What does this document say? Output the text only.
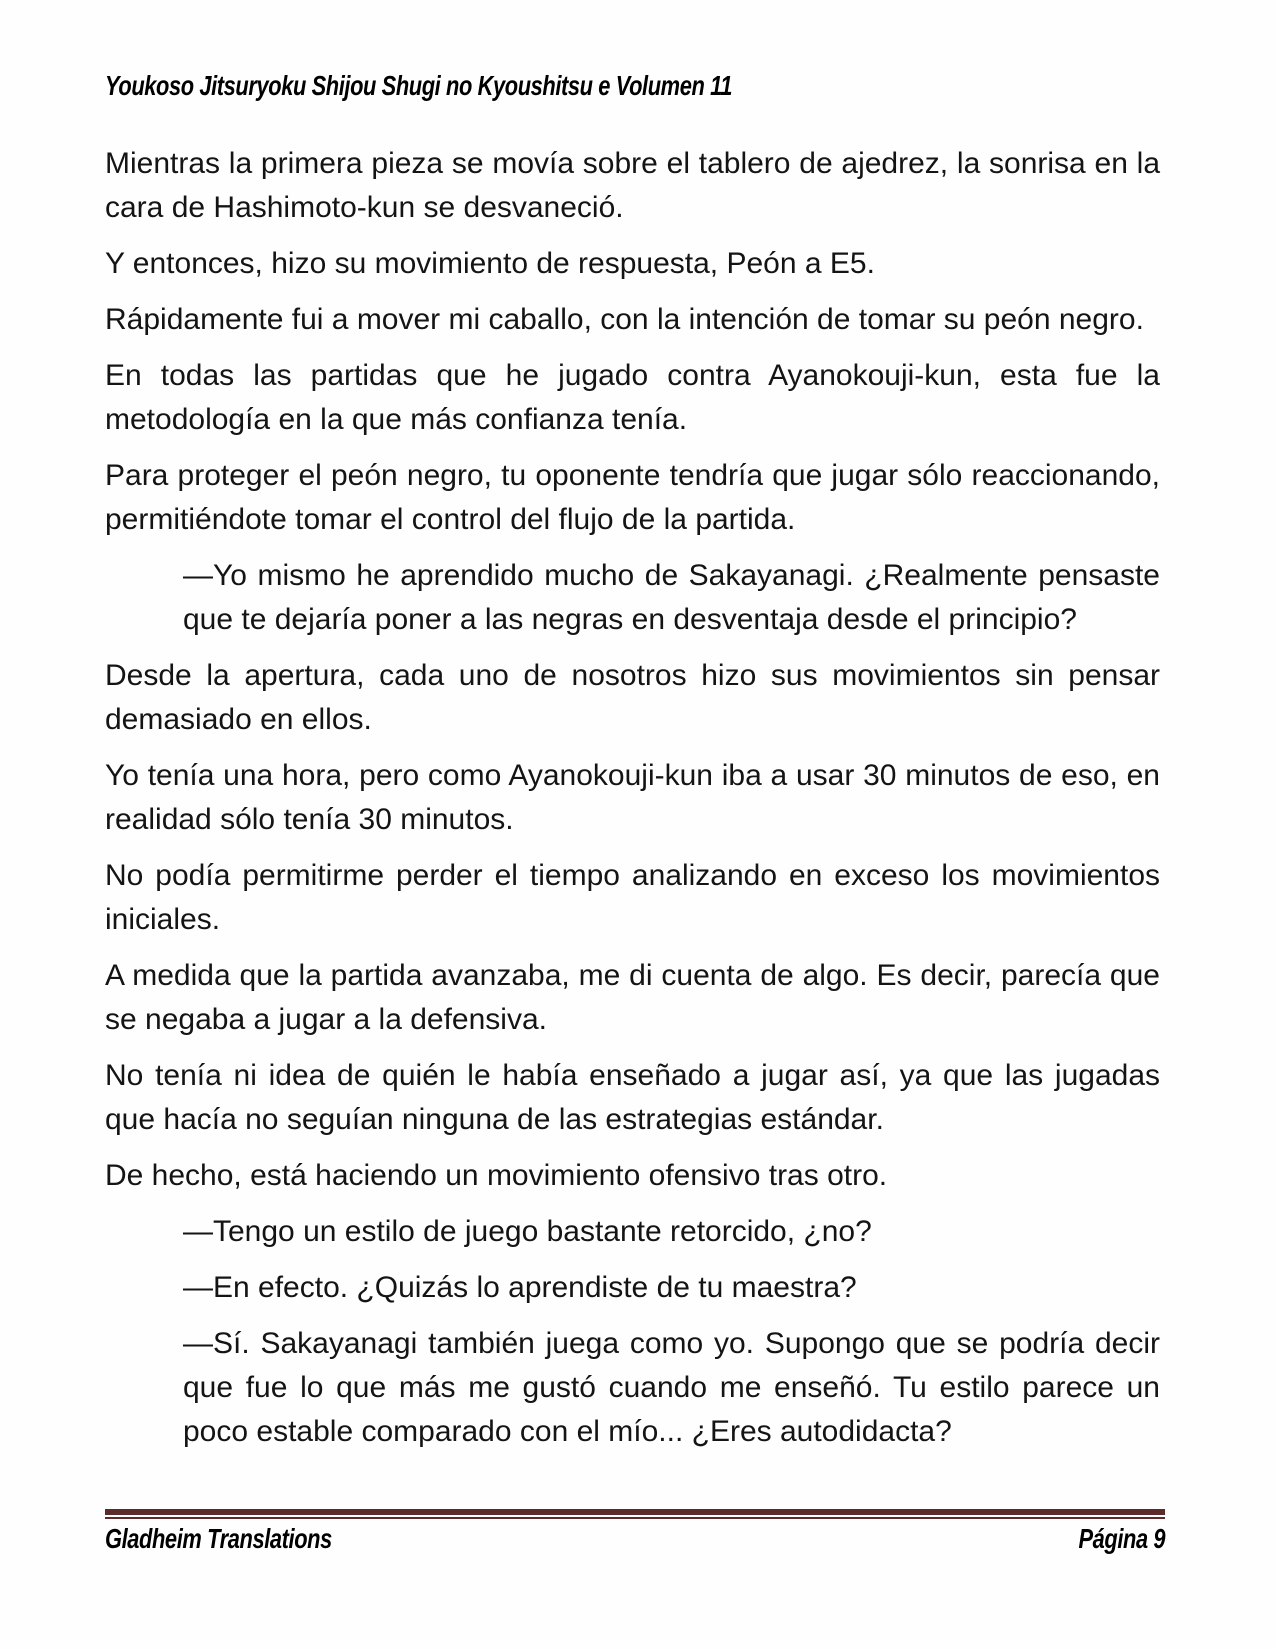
Youkoso Jitsuryoku Shijou Shugi no Kyoushitsu e Volumen 11

Mientras la primera pieza se movía sobre el tablero de ajedrez, la sonrisa en la cara de Hashimoto-kun se desvaneció.

Y entonces, hizo su movimiento de respuesta, Peón a E5.

Rápidamente fui a mover mi caballo, con la intención de tomar su peón negro.

En todas las partidas que he jugado contra Ayanokouji-kun, esta fue la metodología en la que más confianza tenía.

Para proteger el peón negro, tu oponente tendría que jugar sólo reaccionando, permitiéndote tomar el control del flujo de la partida.

—Yo mismo he aprendido mucho de Sakayanagi. ¿Realmente pensaste que te dejaría poner a las negras en desventaja desde el principio?

Desde la apertura, cada uno de nosotros hizo sus movimientos sin pensar demasiado en ellos.

Yo tenía una hora, pero como Ayanokouji-kun iba a usar 30 minutos de eso, en realidad sólo tenía 30 minutos.

No podía permitirme perder el tiempo analizando en exceso los movimientos iniciales.

A medida que la partida avanzaba, me di cuenta de algo. Es decir, parecía que se negaba a jugar a la defensiva.

No tenía ni idea de quién le había enseñado a jugar así, ya que las jugadas que hacía no seguían ninguna de las estrategias estándar.

De hecho, está haciendo un movimiento ofensivo tras otro.

—Tengo un estilo de juego bastante retorcido, ¿no?

—En efecto. ¿Quizás lo aprendiste de tu maestra?

—Sí. Sakayanagi también juega como yo. Supongo que se podría decir que fue lo que más me gustó cuando me enseñó. Tu estilo parece un poco estable comparado con el mío... ¿Eres autodidacta?

Gladheim Translations	Página 9
